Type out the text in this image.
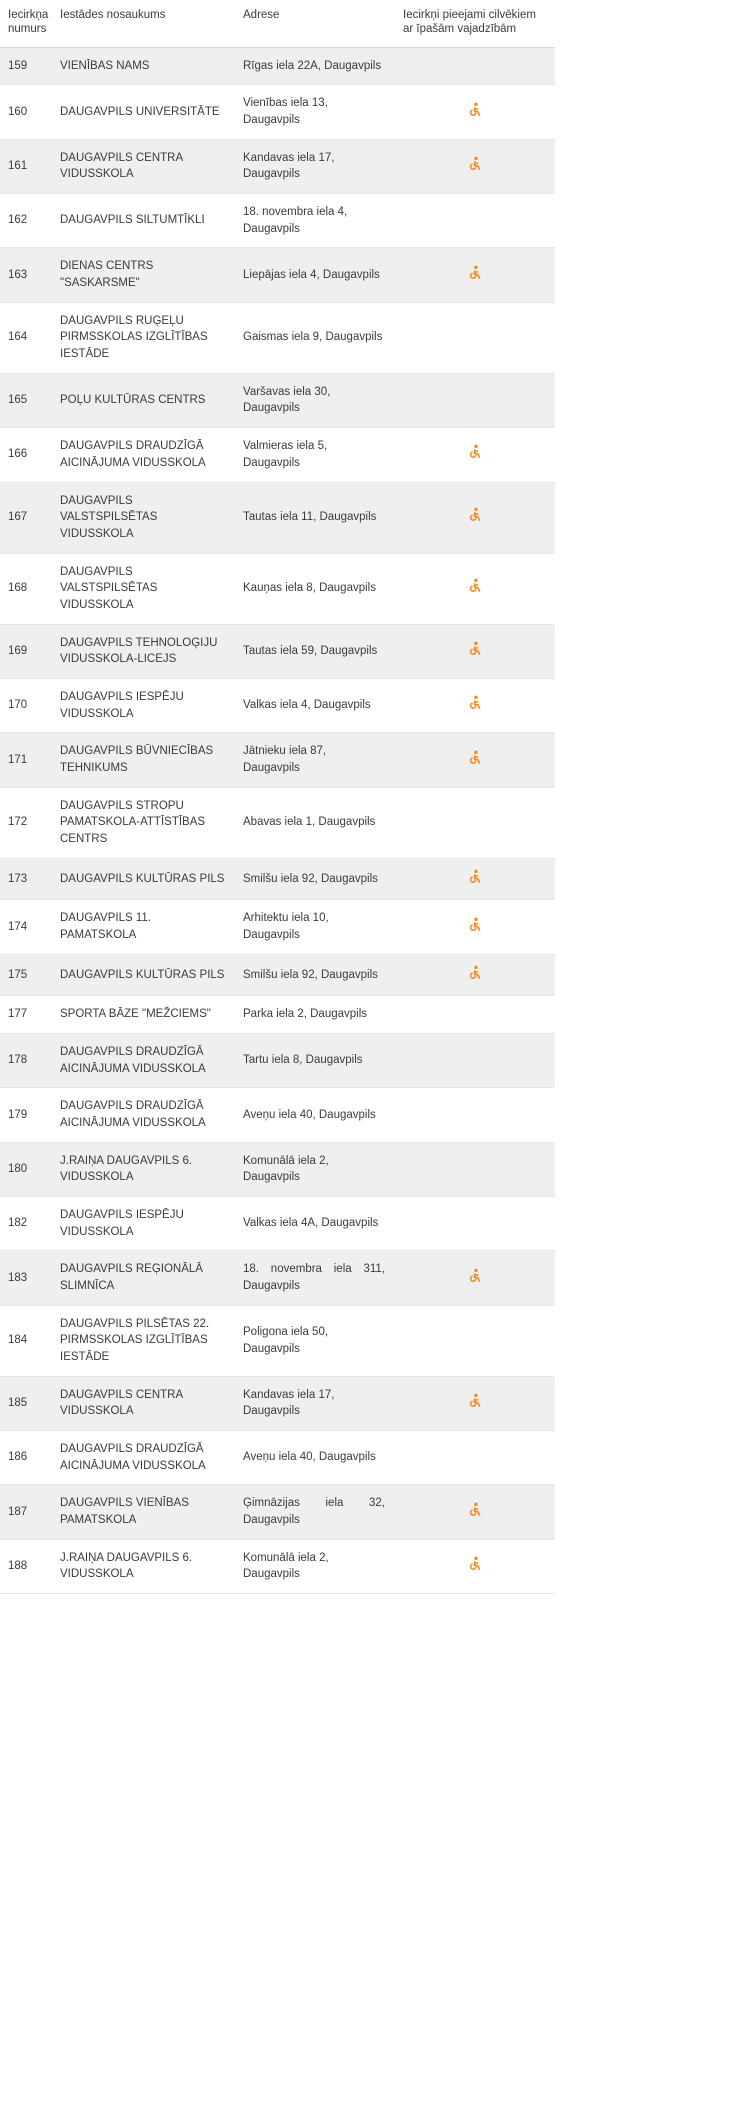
Iecirkņa numurs	Iestādes nosaukums	Adrese	Iecirkņi pieejami cilvēkiem ar īpašām vajadzībām
159	VIENĪBAS NAMS	Rīgas iela 22A, Daugavpils	
160	DAUGAVPILS UNIVERSITĀTE	Vienības iela 13, Daugavpils	

161	DAUGAVPILS CENTRA VIDUSSKOLA	Kandavas iela 17, Daugavpils	

162	DAUGAVPILS SILTUMTĪKLI	18. novembra iela 4, Daugavpils	
163	DIENAS CENTRS "SASKARSME"	Liepājas iela 4, Daugavpils	

164	DAUGAVPILS RUĢEĻU PIRMSSKOLAS IZGLĪTĪBAS IESTĀDE	Gaismas iela 9, Daugavpils	
165	POĻU KULTŪRAS CENTRS	Varšavas iela 30, Daugavpils	
166	DAUGAVPILS DRAUDZĪGĀ AICINĀJUMA VIDUSSKOLA	Valmieras iela 5, Daugavpils	

167	DAUGAVPILS VALSTSPILSĒTAS VIDUSSKOLA	Tautas iela 11, Daugavpils	

168	DAUGAVPILS VALSTSPILSĒTAS VIDUSSKOLA	Kauņas iela 8, Daugavpils	

169	DAUGAVPILS TEHNOLOĢIJU VIDUSSKOLA-LICEJS	Tautas iela 59, Daugavpils	

170	DAUGAVPILS IESPĒJU VIDUSSKOLA	Valkas iela 4, Daugavpils	

171	DAUGAVPILS BŪVNIECĪBAS TEHNIKUMS	Jātnieku iela 87, Daugavpils	

172	DAUGAVPILS STROPU PAMATSKOLA-ATTĪSTĪBAS CENTRS	Abavas iela 1, Daugavpils	
173	DAUGAVPILS KULTŪRAS PILS	Smilšu iela 92, Daugavpils	

174	DAUGAVPILS 11. PAMATSKOLA	Arhitektu iela 10, Daugavpils	

175	DAUGAVPILS KULTŪRAS PILS	Smilšu iela 92, Daugavpils	

177	SPORTA BĀZE "MEŽCIEMS"	Parka iela 2, Daugavpils	
178	DAUGAVPILS DRAUDZĪGĀ AICINĀJUMA VIDUSSKOLA	Tartu iela 8, Daugavpils	
179	DAUGAVPILS DRAUDZĪGĀ AICINĀJUMA VIDUSSKOLA	Aveņu iela 40, Daugavpils	
180	J.RAIŅA DAUGAVPILS 6. VIDUSSKOLA	Komunālā iela 2, Daugavpils	
182	DAUGAVPILS IESPĒJU VIDUSSKOLA	Valkas iela 4A, Daugavpils	
183	DAUGAVPILS REĢIONĀLĀ SLIMNĪCA	18. novembra iela 311, Daugavpils	

184	DAUGAVPILS PILSĒTAS 22. PIRMSSKOLAS IZGLĪTĪBAS IESTĀDE	Poligona iela 50, Daugavpils	
185	DAUGAVPILS CENTRA VIDUSSKOLA	Kandavas iela 17, Daugavpils	

186	DAUGAVPILS DRAUDZĪGĀ AICINĀJUMA VIDUSSKOLA	Aveņu iela 40, Daugavpils	
187	DAUGAVPILS VIENĪBAS PAMATSKOLA	Ģimnāzijas iela 32, Daugavpils	

188	J.RAIŅA DAUGAVPILS 6. VIDUSSKOLA	Komunālā iela 2, Daugavpils	
